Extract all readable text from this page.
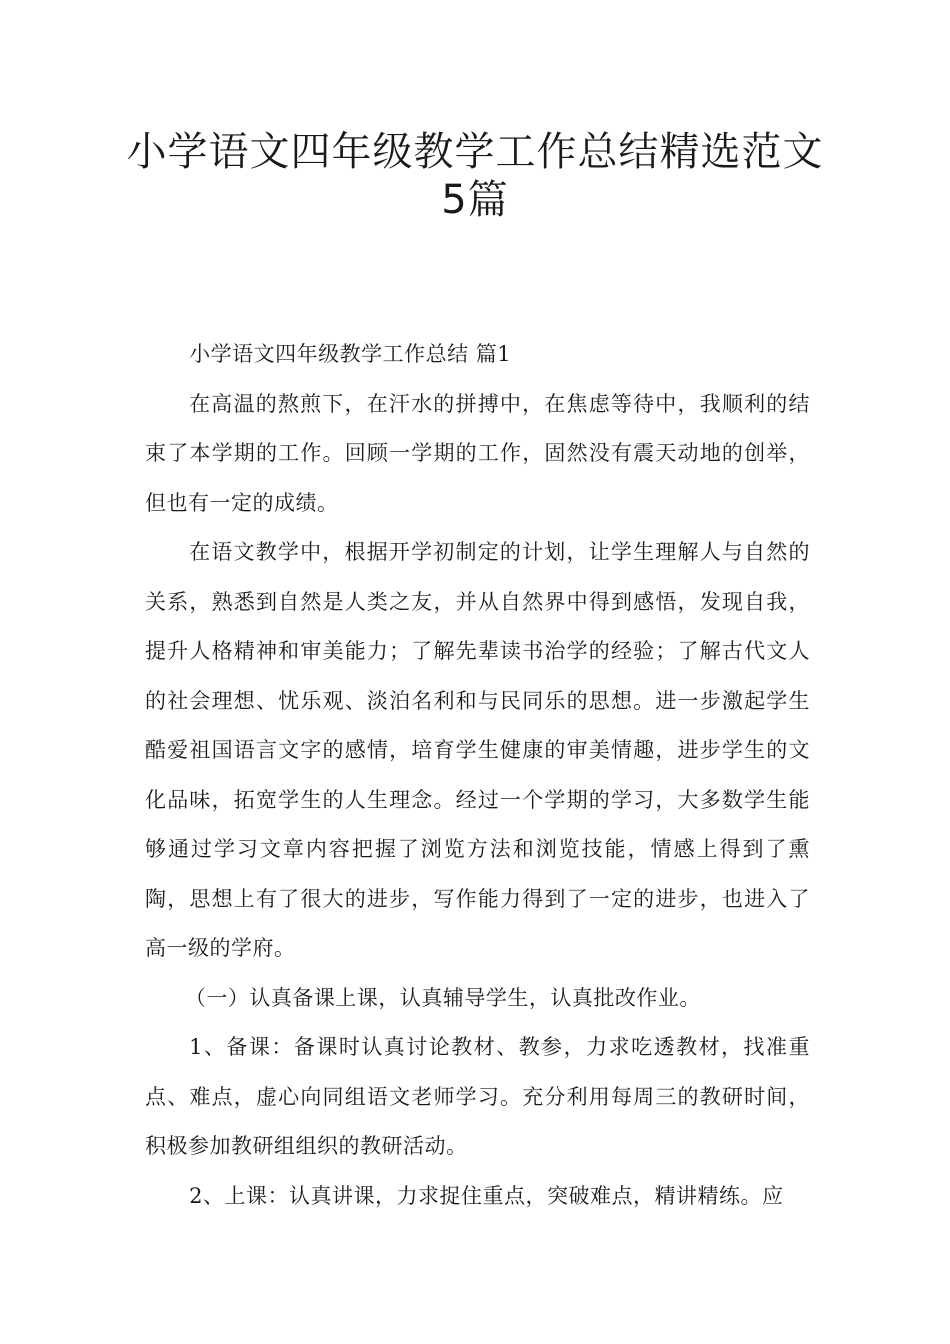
小学语文四年级教学工作总结精选范文
5篇

小学语文四年级教学工作总结 篇1

在高温的熬煎下，在汗水的拼搏中，在焦虑等待中，我顺利的结束了本学期的工作。回顾一学期的工作，固然没有震天动地的创举，但也有一定的成绩。

在语文教学中，根据开学初制定的计划，让学生理解人与自然的关系，熟悉到自然是人类之友，并从自然界中得到感悟，发现自我，提升人格精神和审美能力；了解先辈读书治学的经验；了解古代文人的社会理想、忧乐观、淡泊名利和与民同乐的思想。进一步激起学生酷爱祖国语言文字的感情，培育学生健康的审美情趣，进步学生的文化品味，拓宽学生的人生理念。经过一个学期的学习，大多数学生能够通过学习文章内容把握了浏览方法和浏览技能，情感上得到了熏陶，思想上有了很大的进步，写作能力得到了一定的进步，也进入了高一级的学府。

（一）认真备课上课，认真辅导学生，认真批改作业。

1、备课：备课时认真讨论教材、教参，力求吃透教材，找准重点、难点，虚心向同组语文老师学习。充分利用每周三的教研时间，积极参加教研组组织的教研活动。

2、上课：认真讲课，力求捉住重点，突破难点，精讲精练。应
